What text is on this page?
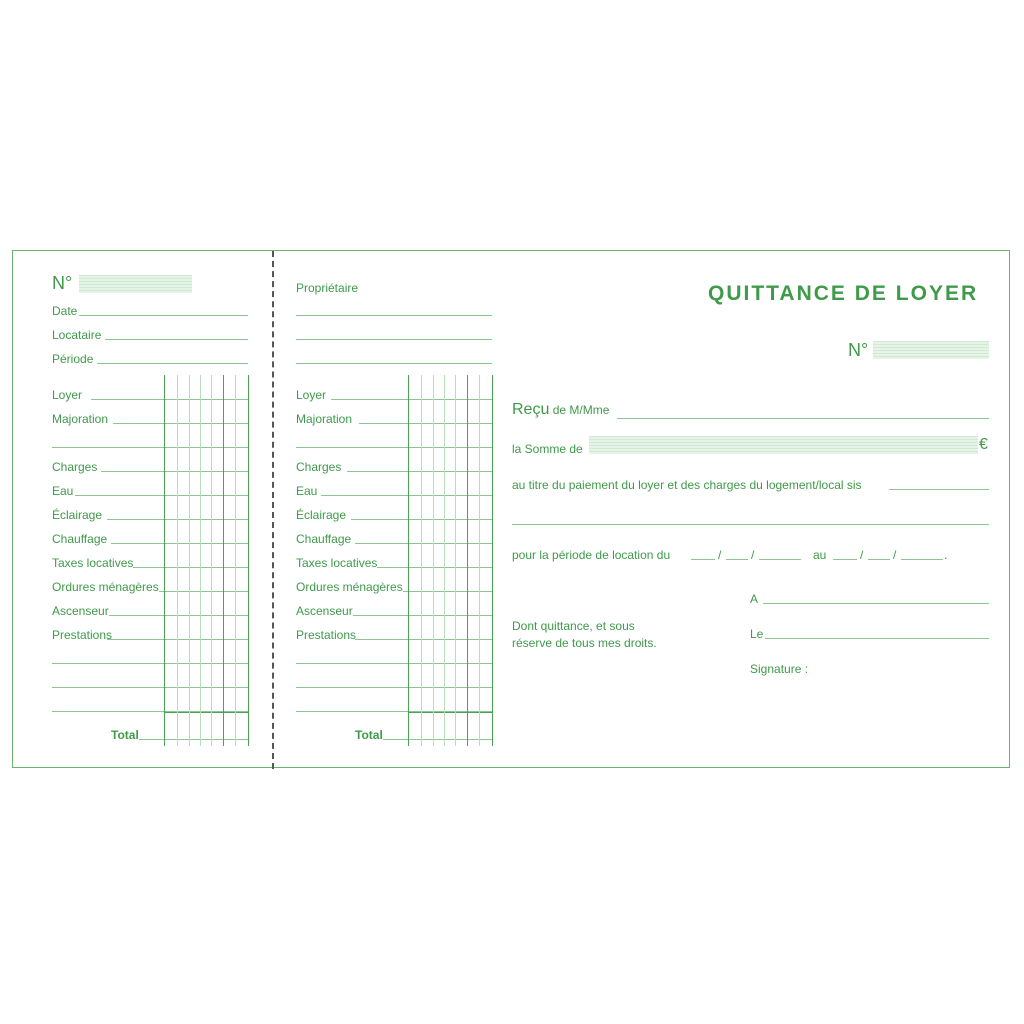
N°
Date
Locataire
Période
Loyer
Majoration
Charges
Eau
Éclairage
Chauffage
Taxes locatives
Ordures ménagères
Ascenseur
Prestations
Total
Propriétaire
Loyer
Majoration
Charges
Eau
Éclairage
Chauffage
Taxes locatives
Ordures ménagères
Ascenseur
Prestations
Total
QUITTANCE DE LOYER
N°
Reçu de M/Mme
la Somme de	€
au titre du paiement du loyer et des charges du logement/local sis
pour la période de location du	/ /	au	/ /	.
Dont quittance, et sous
réserve de tous mes droits.
A
Le
Signature :
